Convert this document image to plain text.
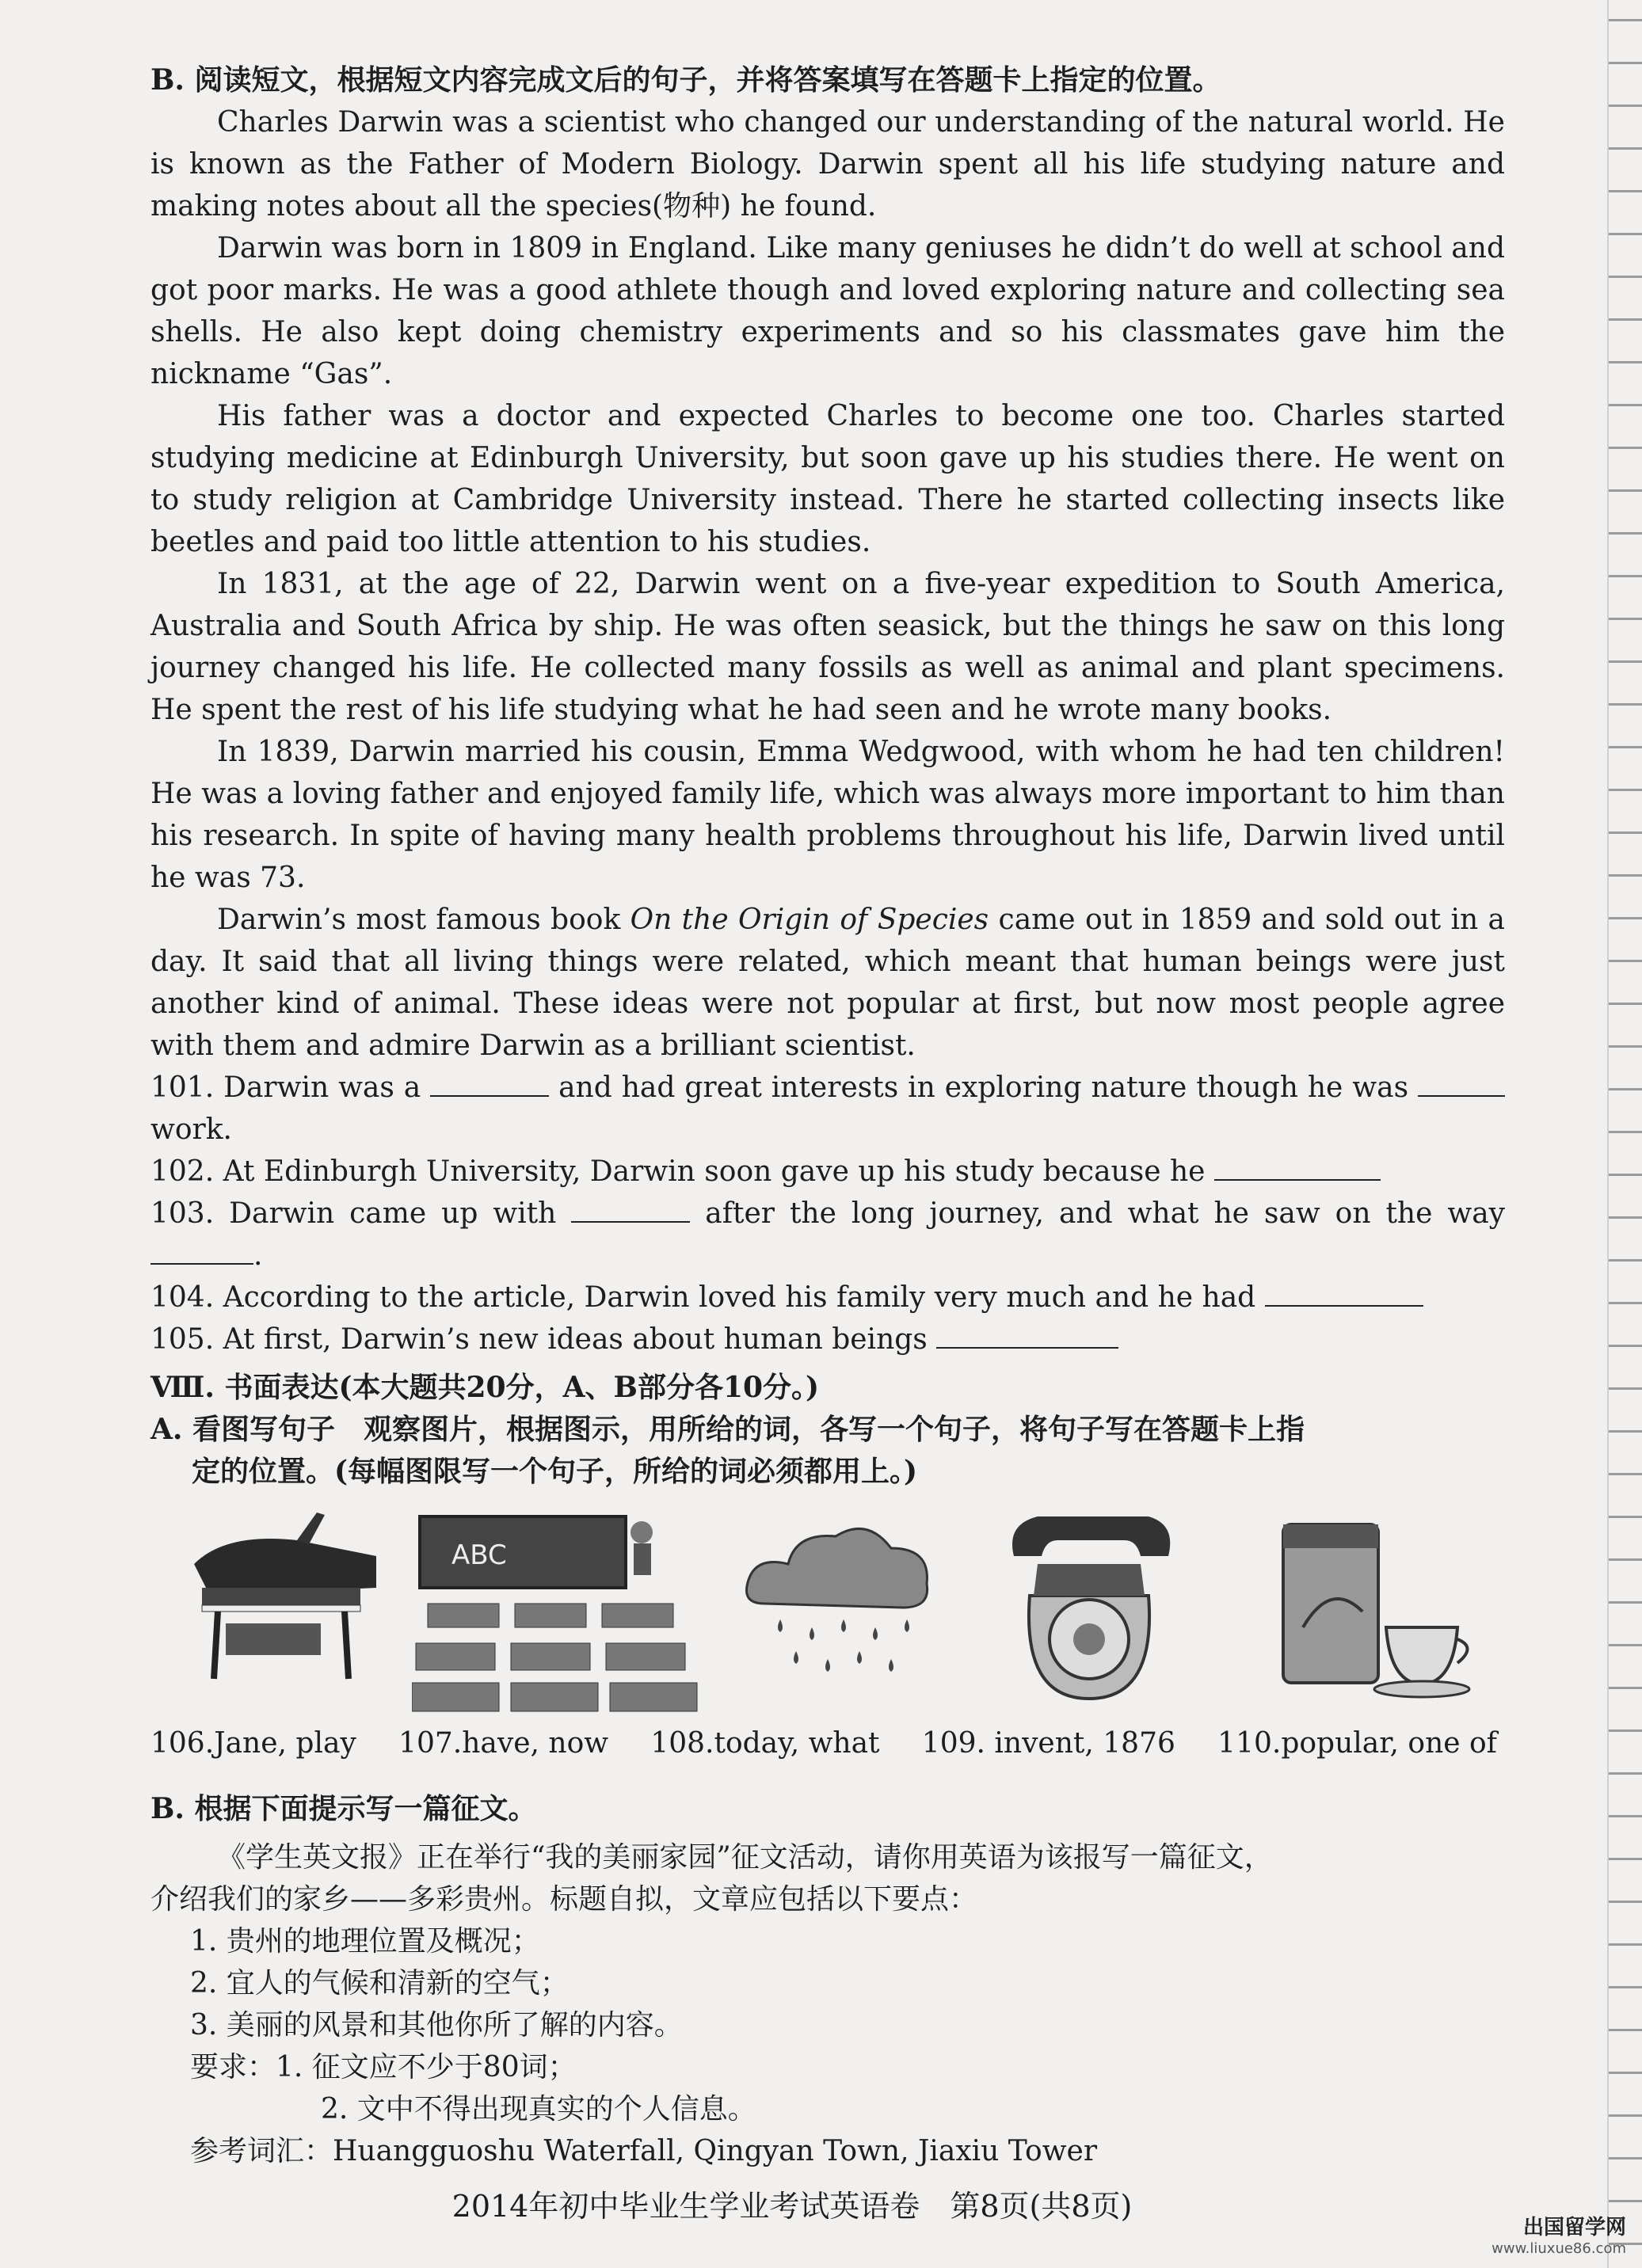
B. 阅读短文，根据短文内容完成文后的句子，并将答案填写在答题卡上指定的位置。

Charles Darwin was a scientist who changed our understanding of the natural world. He is known as the Father of Modern Biology. Darwin spent all his life studying nature and making notes about all the species(物种) he found.

Darwin was born in 1809 in England. Like many geniuses he didn’t do well at school and got poor marks. He was a good athlete though and loved exploring nature and collecting sea shells. He also kept doing chemistry experiments and so his classmates gave him the nickname “Gas”.

His father was a doctor and expected Charles to become one too. Charles started studying medicine at Edinburgh University, but soon gave up his studies there. He went on to study religion at Cambridge University instead. There he started collecting insects like beetles and paid too little attention to his studies.

In 1831, at the age of 22, Darwin went on a five-year expedition to South America, Australia and South Africa by ship. He was often seasick, but the things he saw on this long journey changed his life. He collected many fossils as well as animal and plant specimens. He spent the rest of his life studying what he had seen and he wrote many books.

In 1839, Darwin married his cousin, Emma Wedgwood, with whom he had ten children! He was a loving father and enjoyed family life, which was always more important to him than his research. In spite of having many health problems throughout his life, Darwin lived until he was 73.

Darwin’s most famous book On the Origin of Species came out in 1859 and sold out in a day. It said that all living things were related, which meant that human beings were just another kind of animal. These ideas were not popular at first, but now most people agree with them and admire Darwin as a brilliant scientist.

101. Darwin was a	and had great interests in exploring nature though he was  work.

102. At Edinburgh University, Darwin soon gave up his study because he

103. Darwin came up with	after the long journey, and what he saw on the way .

104. According to the article, Darwin loved his family very much and he had

105. At first, Darwin’s new ideas about human beings

Ⅷ. 书面表达(本大题共20分，A、B部分各10分。)

A. 看图写句子　观察图片，根据图示，用所给的词，各写一个句子，将句子写在答题卡上指

定的位置。(每幅图限写一个句子，所给的词必须都用上。)

ABC
106.Jane, play 107.have, now 108.today, what 109. invent, 1876 110.popular, one of

B. 根据下面提示写一篇征文。

《学生英文报》正在举行“我的美丽家园”征文活动，请你用英语为该报写一篇征文，

介绍我们的家乡——多彩贵州。标题自拟，文章应包括以下要点：

1. 贵州的地理位置及概况；

2. 宜人的气候和清新的空气；

3. 美丽的风景和其他你所了解的内容。

要求：1. 征文应不少于80词；

2. 文中不得出现真实的个人信息。

参考词汇：Huangguoshu Waterfall, Qingyan Town, Jiaxiu Tower

2014年初中毕业生学业考试英语卷　第8页(共8页)
出国留学网
www.liuxue86.com
